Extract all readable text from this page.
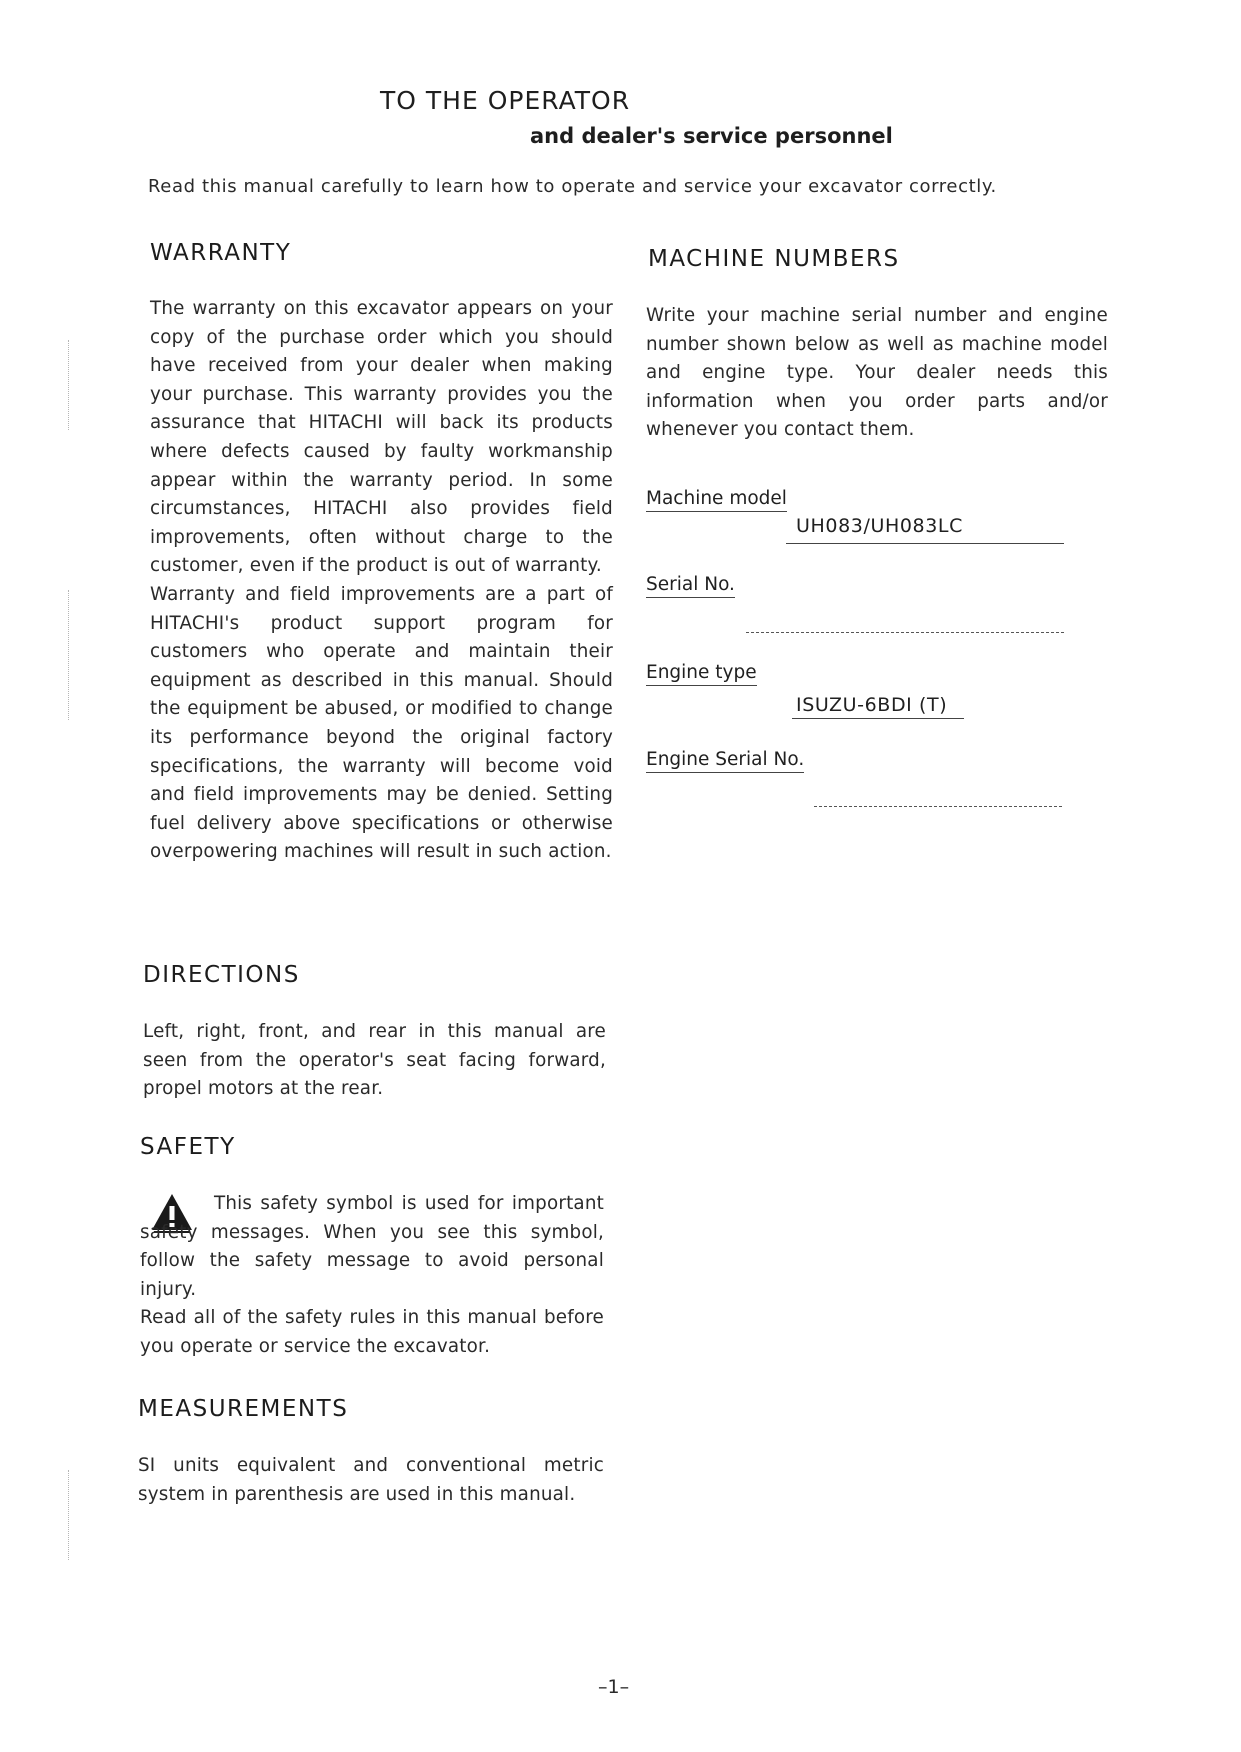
TO THE OPERATOR
and dealer's service personnel
Read this manual carefully to learn how to operate and service your excavator correctly.
WARRANTY
The warranty on this excavator appears on your copy of the purchase order which you should have received from your dealer when making your purchase. This warranty provides you the assurance that HITACHI will back its products where defects caused by faulty workmanship appear within the warranty period. In some circumstances, HITACHI also provides field improvements, often without charge to the customer, even if the product is out of warranty.
Warranty and field improvements are a part of HITACHI's product support program for customers who operate and maintain their equipment as described in this manual. Should the equipment be abused, or modified to change its performance beyond the original factory specifications, the warranty will become void and field improvements may be denied. Setting fuel delivery above specifications or otherwise overpowering machines will result in such action.
DIRECTIONS
Left, right, front, and rear in this manual are seen from the operator's seat facing forward, propel motors at the rear.
SAFETY
This safety symbol is used for important safety messages. When you see this symbol, follow the safety message to avoid personal injury.
Read all of the safety rules in this manual before you operate or service the excavator.
MEASUREMENTS
SI units equivalent and conventional metric system in parenthesis are used in this manual.
MACHINE NUMBERS
Write your machine serial number and engine number shown below as well as machine model and engine type. Your dealer needs this information when you order parts and/or whenever you contact them.
Machine model
UH083/UH083LC
Serial No.
Engine type
ISUZU-6BDI (T)
Engine Serial No.
–1–
